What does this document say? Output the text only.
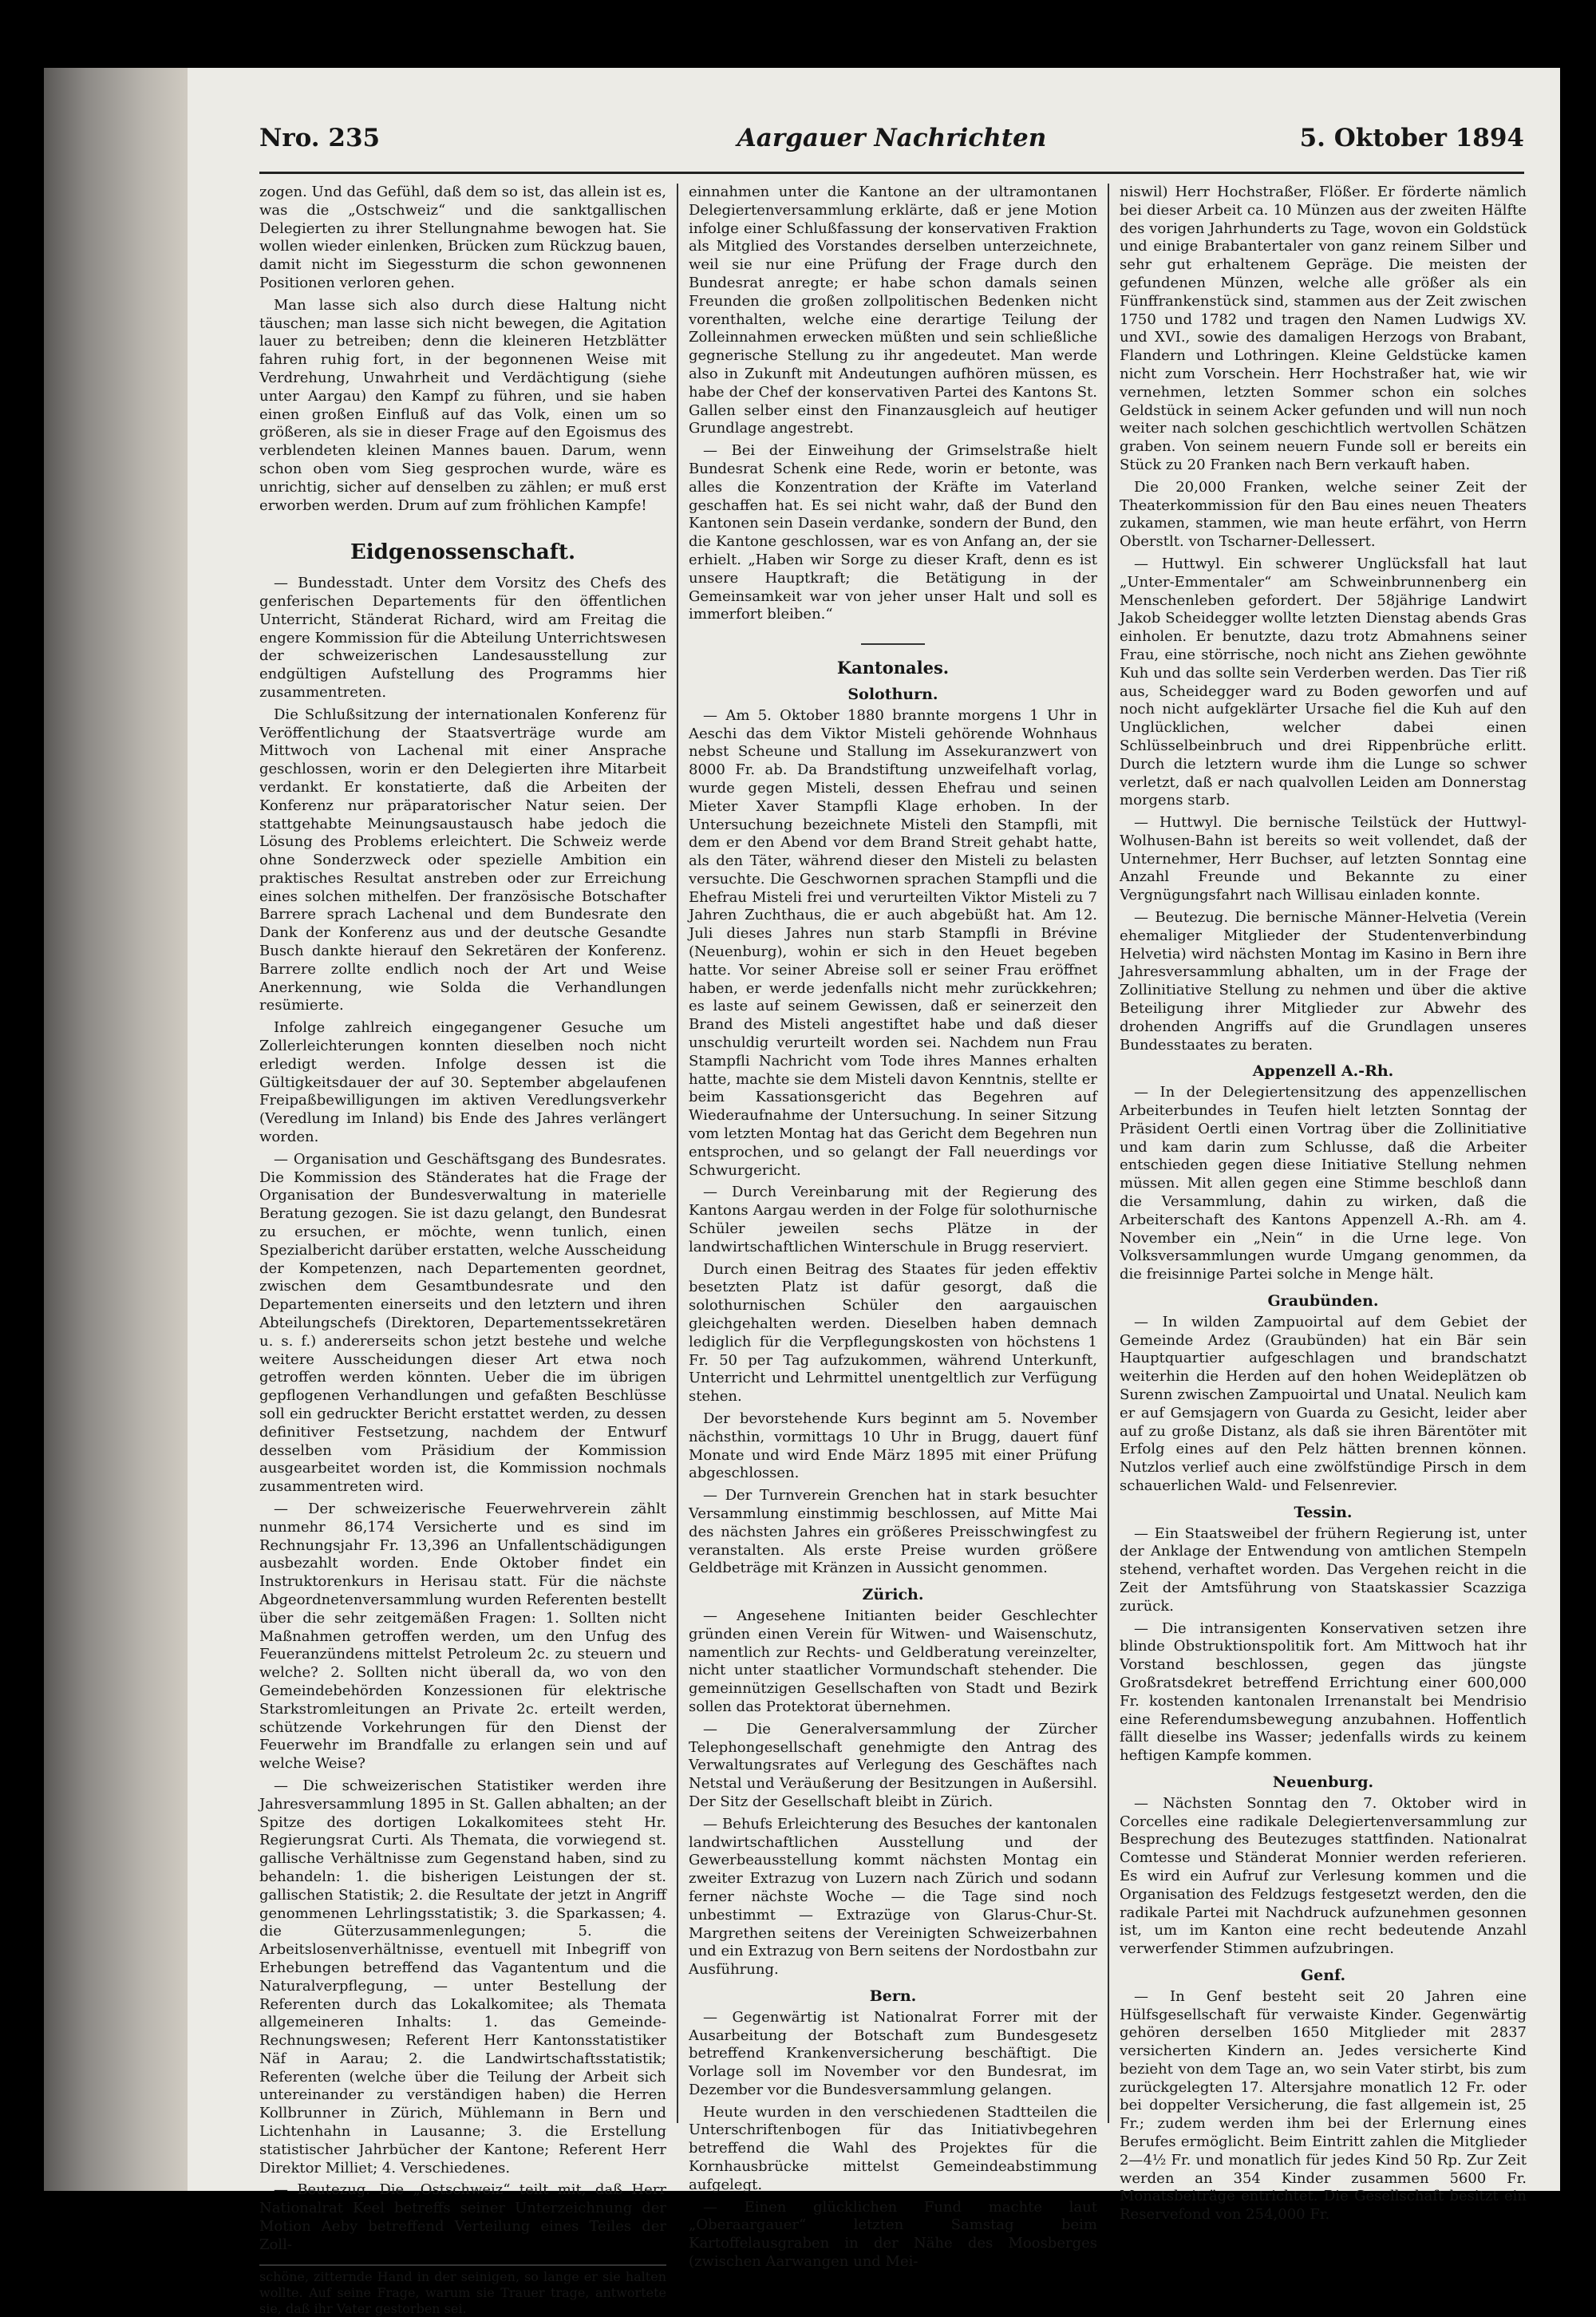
Nro. 235	Aargauer Nachrichten	5. Oktober 1894

zogen. Und das Gefühl, daß dem so ist, das allein ist es, was die „Ostschweiz“ und die sanktgallischen Delegierten zu ihrer Stellungnahme bewogen hat. Sie wollen wieder einlenken, Brücken zum Rückzug bauen, damit nicht im Siegessturm die schon gewonnenen Positionen verloren gehen.

Man lasse sich also durch diese Haltung nicht täuschen; man lasse sich nicht bewegen, die Agitation lauer zu betreiben; denn die kleineren Hetzblätter fahren ruhig fort, in der begonnenen Weise mit Verdrehung, Unwahrheit und Verdächtigung (siehe unter Aargau) den Kampf zu führen, und sie haben einen großen Einfluß auf das Volk, einen um so größeren, als sie in dieser Frage auf den Egoismus des verblendeten kleinen Mannes bauen. Darum, wenn schon oben vom Sieg gesprochen wurde, wäre es unrichtig, sicher auf denselben zu zählen; er muß erst erworben werden. Drum auf zum fröhlichen Kampfe!

Eidgenossenschaft.

— Bundesstadt. Unter dem Vorsitz des Chefs des genferischen Departements für den öffentlichen Unterricht, Ständerat Richard, wird am Freitag die engere Kommission für die Abteilung Unterrichtswesen der schweizerischen Landesausstellung zur endgültigen Aufstellung des Programms hier zusammentreten.

Die Schlußsitzung der internationalen Konferenz für Veröffentlichung der Staatsverträge wurde am Mittwoch von Lachenal mit einer Ansprache geschlossen, worin er den Delegierten ihre Mitarbeit verdankt. Er konstatierte, daß die Arbeiten der Konferenz nur präparatorischer Natur seien. Der stattgehabte Meinungsaustausch habe jedoch die Lösung des Problems erleichtert. Die Schweiz werde ohne Sonderzweck oder spezielle Ambition ein praktisches Resultat anstreben oder zur Erreichung eines solchen mithelfen. Der französische Botschafter Barrere sprach Lachenal und dem Bundesrate den Dank der Konferenz aus und der deutsche Gesandte Busch dankte hierauf den Sekretären der Konferenz. Barrere zollte endlich noch der Art und Weise Anerkennung, wie Solda die Verhandlungen resümierte.

Infolge zahlreich eingegangener Gesuche um Zollerleichterungen konnten dieselben noch nicht erledigt werden. Infolge dessen ist die Gültigkeitsdauer der auf 30. September abgelaufenen Freipaßbewilligungen im aktiven Veredlungsverkehr (Veredlung im Inland) bis Ende des Jahres verlängert worden.

— Organisation und Geschäftsgang des Bundesrates. Die Kommission des Ständerates hat die Frage der Organisation der Bundesverwaltung in materielle Beratung gezogen. Sie ist dazu gelangt, den Bundesrat zu ersuchen, er möchte, wenn tunlich, einen Spezialbericht darüber erstatten, welche Ausscheidung der Kompetenzen, nach Departementen geordnet, zwischen dem Gesamtbundesrate und den Departementen einerseits und den letztern und ihren Abteilungschefs (Direktoren, Departementssekretären u. s. f.) andererseits schon jetzt bestehe und welche weitere Ausscheidungen dieser Art etwa noch getroffen werden könnten. Ueber die im übrigen gepflogenen Verhandlungen und gefaßten Beschlüsse soll ein gedruckter Bericht erstattet werden, zu dessen definitiver Festsetzung, nachdem der Entwurf desselben vom Präsidium der Kommission ausgearbeitet worden ist, die Kommission nochmals zusammentreten wird.

— Der schweizerische Feuerwehrverein zählt nunmehr 86,174 Versicherte und es sind im Rechnungsjahr Fr. 13,396 an Unfallentschädigungen ausbezahlt worden. Ende Oktober findet ein Instruktorenkurs in Herisau statt. Für die nächste Abgeordnetenversammlung wurden Referenten bestellt über die sehr zeitgemäßen Fragen: 1. Sollten nicht Maßnahmen getroffen werden, um den Unfug des Feueranzündens mittelst Petroleum 2c. zu steuern und welche? 2. Sollten nicht überall da, wo von den Gemeindebehörden Konzessionen für elektrische Starkstromleitungen an Private 2c. erteilt werden, schützende Vorkehrungen für den Dienst der Feuerwehr im Brandfalle zu erlangen sein und auf welche Weise?

— Die schweizerischen Statistiker werden ihre Jahresversammlung 1895 in St. Gallen abhalten; an der Spitze des dortigen Lokalkomitees steht Hr. Regierungsrat Curti. Als Themata, die vorwiegend st. gallische Verhältnisse zum Gegenstand haben, sind zu behandeln: 1. die bisherigen Leistungen der st. gallischen Statistik; 2. die Resultate der jetzt in Angriff genommenen Lehrlingsstatistik; 3. die Sparkassen; 4. die Güterzusammenlegungen; 5. die Arbeitslosenverhältnisse, eventuell mit Inbegriff von Erhebungen betreffend das Vagantentum und die Naturalverpflegung, — unter Bestellung der Referenten durch das Lokalkomitee; als Themata allgemeineren Inhalts: 1. das Gemeinde-Rechnungswesen; Referent Herr Kantonsstatistiker Näf in Aarau; 2. die Landwirtschaftsstatistik; Referenten (welche über die Teilung der Arbeit sich untereinander zu verständigen haben) die Herren Kollbrunner in Zürich, Mühlemann in Bern und Lichtenhahn in Lausanne; 3. die Erstellung statistischer Jahrbücher der Kantone; Referent Herr Direktor Milliet; 4. Verschiedenes.

— Beutezug. Die „Ostschweiz“ teilt mit, daß Herr Nationalrat Keel betreffs seiner Unterzeichnung der Motion Aeby betreffend Verteilung eines Teiles der Zoll-

schöne, zitternde Hand in der seinigen, so lange er sie halten wollte. Auf seine Frage, warum sie Trauer trage, antwortete sie, daß ihr Vater gestorben sei.

einnahmen unter die Kantone an der ultramontanen Delegiertenversammlung erklärte, daß er jene Motion infolge einer Schlußfassung der konservativen Fraktion als Mitglied des Vorstandes derselben unterzeichnete, weil sie nur eine Prüfung der Frage durch den Bundesrat anregte; er habe schon damals seinen Freunden die großen zollpolitischen Bedenken nicht vorenthalten, welche eine derartige Teilung der Zolleinnahmen erwecken müßten und sein schließliche gegnerische Stellung zu ihr angedeutet. Man werde also in Zukunft mit Andeutungen aufhören müssen, es habe der Chef der konservativen Partei des Kantons St. Gallen selber einst den Finanzausgleich auf heutiger Grundlage angestrebt.

— Bei der Einweihung der Grimselstraße hielt Bundesrat Schenk eine Rede, worin er betonte, was alles die Konzentration der Kräfte im Vaterland geschaffen hat. Es sei nicht wahr, daß der Bund den Kantonen sein Dasein verdanke, sondern der Bund, den die Kantone geschlossen, war es von Anfang an, der sie erhielt. „Haben wir Sorge zu dieser Kraft, denn es ist unsere Hauptkraft; die Betätigung in der Gemeinsamkeit war von jeher unser Halt und soll es immerfort bleiben.“

Kantonales.
Solothurn.

— Am 5. Oktober 1880 brannte morgens 1 Uhr in Aeschi das dem Viktor Misteli gehörende Wohnhaus nebst Scheune und Stallung im Assekuranzwert von 8000 Fr. ab. Da Brandstiftung unzweifelhaft vorlag, wurde gegen Misteli, dessen Ehefrau und seinen Mieter Xaver Stampfli Klage erhoben. In der Untersuchung bezeichnete Misteli den Stampfli, mit dem er den Abend vor dem Brand Streit gehabt hatte, als den Täter, während dieser den Misteli zu belasten versuchte. Die Geschwornen sprachen Stampfli und die Ehefrau Misteli frei und verurteilten Viktor Misteli zu 7 Jahren Zuchthaus, die er auch abgebüßt hat. Am 12. Juli dieses Jahres nun starb Stampfli in Brévine (Neuenburg), wohin er sich in den Heuet begeben hatte. Vor seiner Abreise soll er seiner Frau eröffnet haben, er werde jedenfalls nicht mehr zurückkehren; es laste auf seinem Gewissen, daß er seinerzeit den Brand des Misteli angestiftet habe und daß dieser unschuldig verurteilt worden sei. Nachdem nun Frau Stampfli Nachricht vom Tode ihres Mannes erhalten hatte, machte sie dem Misteli davon Kenntnis, stellte er beim Kassationsgericht das Begehren auf Wiederaufnahme der Untersuchung. In seiner Sitzung vom letzten Montag hat das Gericht dem Begehren nun entsprochen, und so gelangt der Fall neuerdings vor Schwurgericht.

— Durch Vereinbarung mit der Regierung des Kantons Aargau werden in der Folge für solothurnische Schüler jeweilen sechs Plätze in der landwirtschaftlichen Winterschule in Brugg reserviert.

Durch einen Beitrag des Staates für jeden effektiv besetzten Platz ist dafür gesorgt, daß die solothurnischen Schüler den aargauischen gleichgehalten werden. Dieselben haben demnach lediglich für die Verpflegungskosten von höchstens 1 Fr. 50 per Tag aufzukommen, während Unterkunft, Unterricht und Lehrmittel unentgeltlich zur Verfügung stehen.

Der bevorstehende Kurs beginnt am 5. November nächsthin, vormittags 10 Uhr in Brugg, dauert fünf Monate und wird Ende März 1895 mit einer Prüfung abgeschlossen.

— Der Turnverein Grenchen hat in stark besuchter Versammlung einstimmig beschlossen, auf Mitte Mai des nächsten Jahres ein größeres Preisschwingfest zu veranstalten. Als erste Preise wurden größere Geldbeträge mit Kränzen in Aussicht genommen.

Zürich.

— Angesehene Initianten beider Geschlechter gründen einen Verein für Witwen- und Waisenschutz, namentlich zur Rechts- und Geldberatung vereinzelter, nicht unter staatlicher Vormundschaft stehender. Die gemeinnützigen Gesellschaften von Stadt und Bezirk sollen das Protektorat übernehmen.

— Die Generalversammlung der Zürcher Telephongesellschaft genehmigte den Antrag des Verwaltungsrates auf Verlegung des Geschäftes nach Netstal und Veräußerung der Besitzungen in Außersihl. Der Sitz der Gesellschaft bleibt in Zürich.

— Behufs Erleichterung des Besuches der kantonalen landwirtschaftlichen Ausstellung und der Gewerbeausstellung kommt nächsten Montag ein zweiter Extrazug von Luzern nach Zürich und sodann ferner nächste Woche — die Tage sind noch unbestimmt — Extrazüge von Glarus-Chur-St. Margrethen seitens der Vereinigten Schweizerbahnen und ein Extrazug von Bern seitens der Nordostbahn zur Ausführung.

Bern.

— Gegenwärtig ist Nationalrat Forrer mit der Ausarbeitung der Botschaft zum Bundesgesetz betreffend Krankenversicherung beschäftigt. Die Vorlage soll im November vor den Bundesrat, im Dezember vor die Bundesversammlung gelangen.

Heute wurden in den verschiedenen Stadtteilen die Unterschriftenbogen für das Initiativbegehren betreffend die Wahl des Projektes für die Kornhausbrücke mittelst Gemeindeabstimmung aufgelegt.

— Einen glücklichen Fund machte laut „Oberaargauer“ letzten Samstag beim Kartoffelausgraben in der Nähe des Moosberges (zwischen Aarwangen und Mei-

niswil) Herr Hochstraßer, Flößer. Er förderte nämlich bei dieser Arbeit ca. 10 Münzen aus der zweiten Hälfte des vorigen Jahrhunderts zu Tage, wovon ein Goldstück und einige Brabantertaler von ganz reinem Silber und sehr gut erhaltenem Gepräge. Die meisten der gefundenen Münzen, welche alle größer als ein Fünffrankenstück sind, stammen aus der Zeit zwischen 1750 und 1782 und tragen den Namen Ludwigs XV. und XVI., sowie des damaligen Herzogs von Brabant, Flandern und Lothringen. Kleine Geldstücke kamen nicht zum Vorschein. Herr Hochstraßer hat, wie wir vernehmen, letzten Sommer schon ein solches Geldstück in seinem Acker gefunden und will nun noch weiter nach solchen geschichtlich wertvollen Schätzen graben. Von seinem neuern Funde soll er bereits ein Stück zu 20 Franken nach Bern verkauft haben.

Die 20,000 Franken, welche seiner Zeit der Theaterkommission für den Bau eines neuen Theaters zukamen, stammen, wie man heute erfährt, von Herrn Oberstlt. von Tscharner-Dellessert.

— Huttwyl. Ein schwerer Unglücksfall hat laut „Unter-Emmentaler“ am Schweinbrunnenberg ein Menschenleben gefordert. Der 58jährige Landwirt Jakob Scheidegger wollte letzten Dienstag abends Gras einholen. Er benutzte, dazu trotz Abmahnens seiner Frau, eine störrische, noch nicht ans Ziehen gewöhnte Kuh und das sollte sein Verderben werden. Das Tier riß aus, Scheidegger ward zu Boden geworfen und auf noch nicht aufgeklärter Ursache fiel die Kuh auf den Unglücklichen, welcher dabei einen Schlüsselbeinbruch und drei Rippenbrüche erlitt. Durch die letztern wurde ihm die Lunge so schwer verletzt, daß er nach qualvollen Leiden am Donnerstag morgens starb.

— Huttwyl. Die bernische Teilstück der Huttwyl-Wolhusen-Bahn ist bereits so weit vollendet, daß der Unternehmer, Herr Buchser, auf letzten Sonntag eine Anzahl Freunde und Bekannte zu einer Vergnügungsfahrt nach Willisau einladen konnte.

— Beutezug. Die bernische Männer-Helvetia (Verein ehemaliger Mitglieder der Studentenverbindung Helvetia) wird nächsten Montag im Kasino in Bern ihre Jahresversammlung abhalten, um in der Frage der Zollinitiative Stellung zu nehmen und über die aktive Beteiligung ihrer Mitglieder zur Abwehr des drohenden Angriffs auf die Grundlagen unseres Bundesstaates zu beraten.

Appenzell A.-Rh.

— In der Delegiertensitzung des appenzellischen Arbeiterbundes in Teufen hielt letzten Sonntag der Präsident Oertli einen Vortrag über die Zollinitiative und kam darin zum Schlusse, daß die Arbeiter entschieden gegen diese Initiative Stellung nehmen müssen. Mit allen gegen eine Stimme beschloß dann die Versammlung, dahin zu wirken, daß die Arbeiterschaft des Kantons Appenzell A.-Rh. am 4. November ein „Nein“ in die Urne lege. Von Volksversammlungen wurde Umgang genommen, da die freisinnige Partei solche in Menge hält.

Graubünden.

— In wilden Zampuoirtal auf dem Gebiet der Gemeinde Ardez (Graubünden) hat ein Bär sein Hauptquartier aufgeschlagen und brandschatzt weiterhin die Herden auf den hohen Weideplätzen ob Surenn zwischen Zampuoirtal und Unatal. Neulich kam er auf Gemsjagern von Guarda zu Gesicht, leider aber auf zu große Distanz, als daß sie ihren Bärentöter mit Erfolg eines auf den Pelz hätten brennen können. Nutzlos verlief auch eine zwölfstündige Pirsch in dem schauerlichen Wald- und Felsenrevier.

Tessin.

— Ein Staatsweibel der frühern Regierung ist, unter der Anklage der Entwendung von amtlichen Stempeln stehend, verhaftet worden. Das Vergehen reicht in die Zeit der Amtsführung von Staatskassier Scazziga zurück.

— Die intransigenten Konservativen setzen ihre blinde Obstruktionspolitik fort. Am Mittwoch hat ihr Vorstand beschlossen, gegen das jüngste Großratsdekret betreffend Errichtung einer 600,000 Fr. kostenden kantonalen Irrenanstalt bei Mendrisio eine Referendumsbewegung anzubahnen. Hoffentlich fällt dieselbe ins Wasser; jedenfalls wirds zu keinem heftigen Kampfe kommen.

Neuenburg.

— Nächsten Sonntag den 7. Oktober wird in Corcelles eine radikale Delegiertenversammlung zur Besprechung des Beutezuges stattfinden. Nationalrat Comtesse und Ständerat Monnier werden referieren. Es wird ein Aufruf zur Verlesung kommen und die Organisation des Feldzugs festgesetzt werden, den die radikale Partei mit Nachdruck aufzunehmen gesonnen ist, um im Kanton eine recht bedeutende Anzahl verwerfender Stimmen aufzubringen.

Genf.

— In Genf besteht seit 20 Jahren eine Hülfsgesellschaft für verwaiste Kinder. Gegenwärtig gehören derselben 1650 Mitglieder mit 2837 versicherten Kindern an. Jedes versicherte Kind bezieht von dem Tage an, wo sein Vater stirbt, bis zum zurückgelegten 17. Altersjahre monatlich 12 Fr. oder bei doppelter Versicherung, die fast allgemein ist, 25 Fr.; zudem werden ihm bei der Erlernung eines Berufes ermöglicht. Beim Eintritt zahlen die Mitglieder 2—4½ Fr. und monatlich für jedes Kind 50 Rp. Zur Zeit werden an 354 Kinder zusammen 5600 Fr. Monatsbeiträge entrichtet. Die Gesellschaft besitzt ein Reservefond von 254,000 Fr.
